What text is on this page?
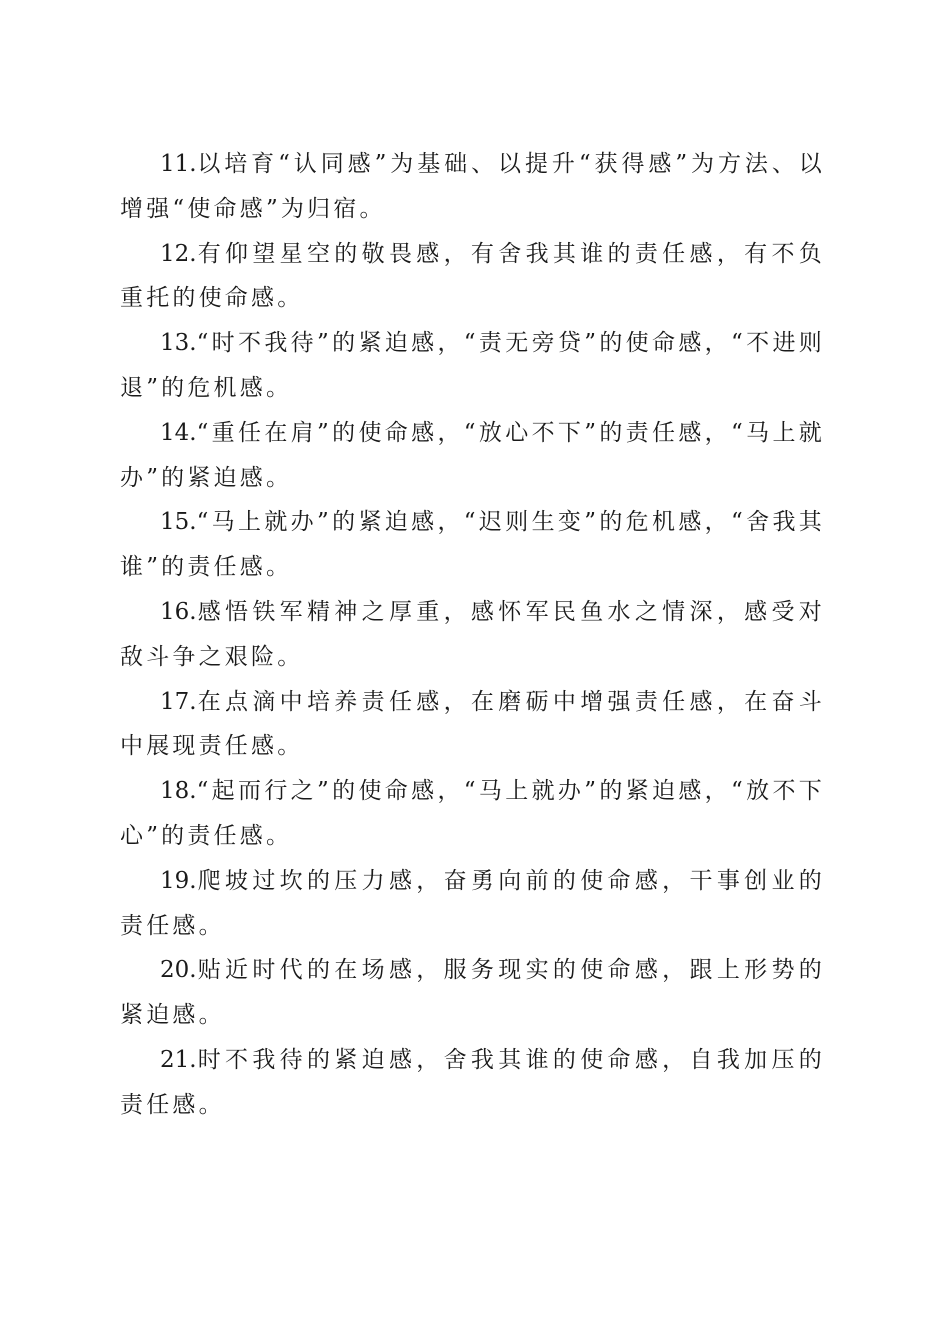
11.以培育“认同感”为基础、以提升“获得感”为方法、以增强“使命感”为归宿。

12.有仰望星空的敬畏感，有舍我其谁的责任感，有不负重托的使命感。

13.“时不我待”的紧迫感，“责无旁贷”的使命感，“不进则退”的危机感。

14.“重任在肩”的使命感，“放心不下”的责任感，“马上就办”的紧迫感。

15.“马上就办”的紧迫感，“迟则生变”的危机感，“舍我其谁”的责任感。

16.感悟铁军精神之厚重，感怀军民鱼水之情深，感受对敌斗争之艰险。

17.在点滴中培养责任感，在磨砺中增强责任感，在奋斗中展现责任感。

18.“起而行之”的使命感，“马上就办”的紧迫感，“放不下心”的责任感。

19.爬坡过坎的压力感，奋勇向前的使命感，干事创业的责任感。

20.贴近时代的在场感，服务现实的使命感，跟上形势的紧迫感。

21.时不我待的紧迫感，舍我其谁的使命感，自我加压的责任感。
